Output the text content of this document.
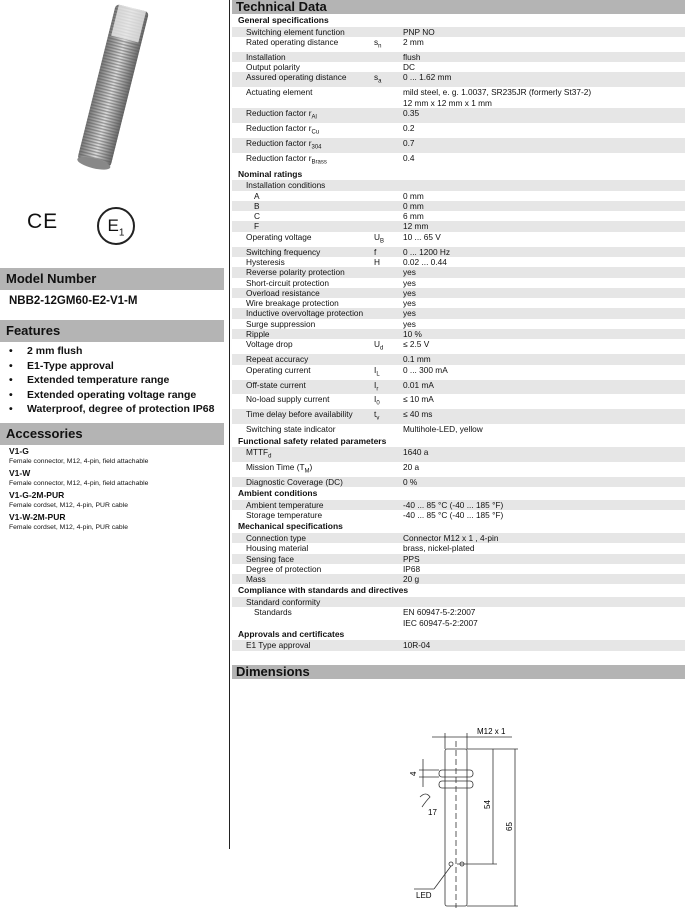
CE	$E_1$
Model Number
NBB2-12GM60-E2-V1-M
Features
• 2 mm flush
• E1-Type approval
• Extended temperature range
• Extended operating voltage range
• Waterproof, degree of protection IP68
Accessories
V1-G
Female connector, M12, 4-pin, field attachable
V1-W
Female connector, M12, 4-pin, field attachable
V1-G-2M-PUR
Female cordset, M12, 4-pin, PUR cable
V1-W-2M-PUR
Female cordset, M12, 4-pin, PUR cable
Technical Data
General specifications
Switching element function	PNP NO
Rated operating distance	$s_n$	2 mm
Installation	flush
Output polarity	DC
Assured operating distance	$s_a$	0 ... 1.62 mm
Actuating element	mild steel, e. g. 1.0037, SR235JR (formerly St37-2)
12 mm x 12 mm x 1 mm
Reduction factor $r_{Al}$	0.35
Reduction factor $r_{Cu}$	0.2
Reduction factor $r_{304}$	0.7
Reduction factor $r_{Brass}$	0.4
Nominal ratings
Installation conditions
A	0 mm
B	0 mm
C	6 mm
F	12 mm
Operating voltage	$U_B$	10 ... 65 V
Switching frequency	f	0 ... 1200 Hz
Hysteresis	H	0.02 ... 0.44
Reverse polarity protection	yes
Short-circuit protection	yes
Overload resistance	yes
Wire breakage protection	yes
Inductive overvoltage protection	yes
Surge suppression	yes
Ripple	10 %
Voltage drop	$U_d$	≤ 2.5 V
Repeat accuracy	0.1 mm
Operating current	$I_L$	0 ... 300 mA
Off-state current	$I_r$	0.01 mA
No-load supply current	$I_0$	≤ 10 mA
Time delay before availability	$t_v$	≤ 40 ms
Switching state indicator	Multihole-LED, yellow
Functional safety related parameters
$MTTF_d$	1640 a
Mission Time $(T_M)$	20 a
Diagnostic Coverage (DC)	0 %
Ambient conditions
Ambient temperature	-40 ... 85 °C (-40 ... 185 °F)
Storage temperature	-40 ... 85 °C (-40 ... 185 °F)
Mechanical specifications
Connection type	Connector M12 x 1 , 4-pin
Housing material	brass, nickel-plated
Sensing face	PPS
Degree of protection	IP68
Mass	20 g
Compliance with standards and directives
Standard conformity
Standards	EN 60947-5-2:2007
IEC 60947-5-2:2007
Approvals and certificates
E1 Type approval	10R-04
Dimensions
M12 x 1
4
17
54
65
LED
